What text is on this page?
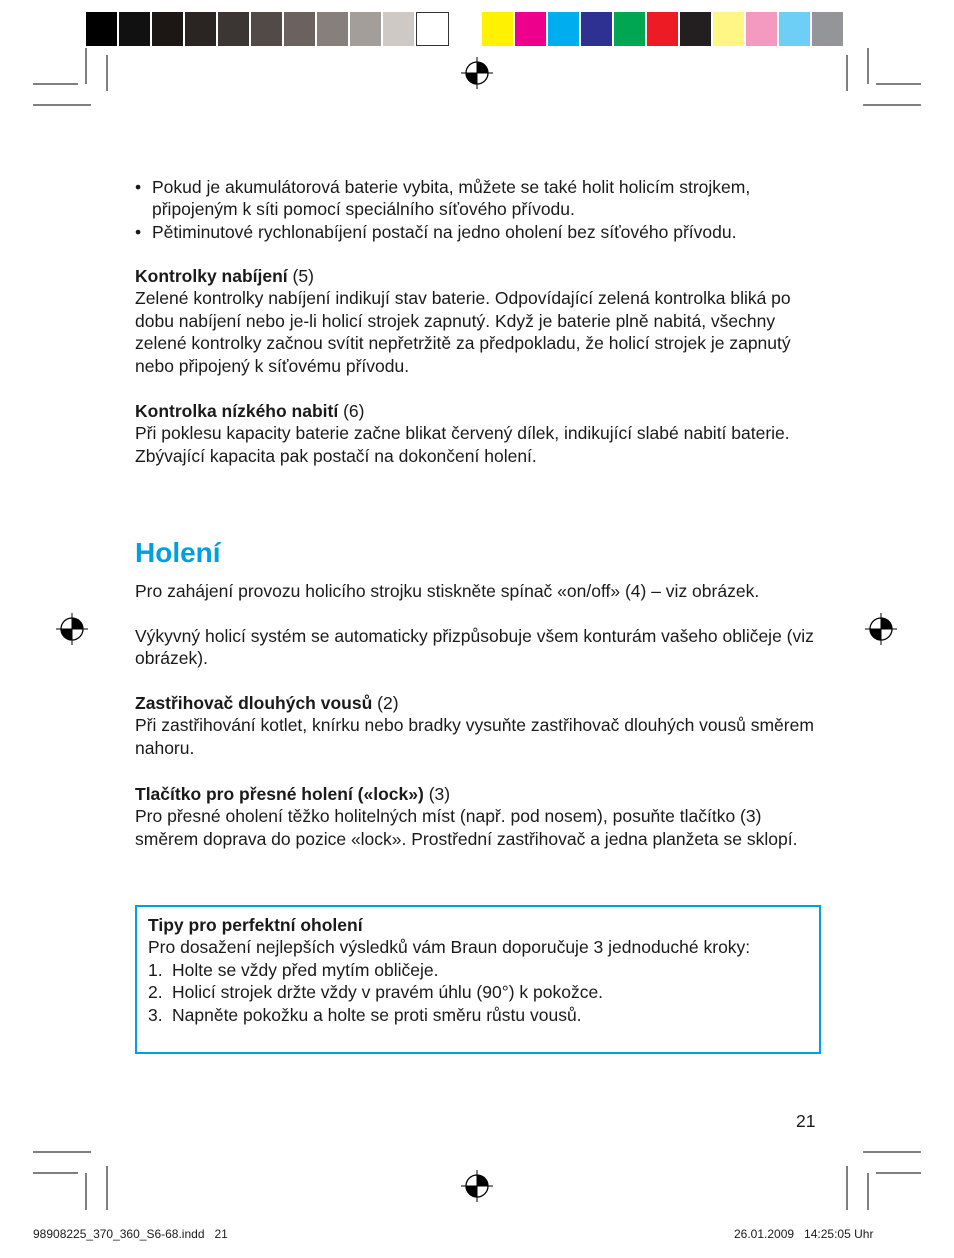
• Pokud je akumulátorová baterie vybita, můžete se také holit holicím strojkem, připojeným k síti pomocí speciálního síťového přívodu.
• Pětiminutové rychlonabíjení postačí na jedno oholení bez síťového přívodu.

Kontrolky nabíjení (5)
Zelené kontrolky nabíjení indikují stav baterie. Odpovídající zelená kontrolka bliká po dobu nabíjení nebo je-li holicí strojek zapnutý. Když je baterie plně nabitá, všechny zelené kontrolky začnou svítit nepřetržitě za předpokladu, že holicí strojek je zapnutý nebo připojený k síťovému přívodu.

Kontrolka nízkého nabití (6)
Při poklesu kapacity baterie začne blikat červený dílek, indikující slabé nabití baterie. Zbývající kapacita pak postačí na dokončení holení.

Holení

Pro zahájení provozu holicího strojku stiskněte spínač «on/off» (4) – viz obrázek.

Výkyvný holicí systém se automaticky přizpůsobuje všem konturám vašeho obličeje (viz obrázek).

Zastřihovač dlouhých vousů (2)
Při zastřihování kotlet, knírku nebo bradky vysuňte zastřihovač dlouhých vousů směrem nahoru.

Tlačítko pro přesné holení («lock») (3)
Pro přesné oholení těžko holitelných míst (např. pod nosem), posuňte tlačítko (3) směrem doprava do pozice «lock». Prostřední zastřihovač a jedna planžeta se sklopí.

Tipy pro perfektní oholení
Pro dosažení nejlepších výsledků vám Braun doporučuje 3 jednoduché kroky:
1. Holte se vždy před mytím obličeje.
2. Holicí strojek držte vždy v pravém úhlu (90°) k pokožce.
3. Napněte pokožku a holte se proti směru růstu vousů.
21
98908225_370_360_S6-68.indd   21	26.01.2009   14:25:05 Uhr
